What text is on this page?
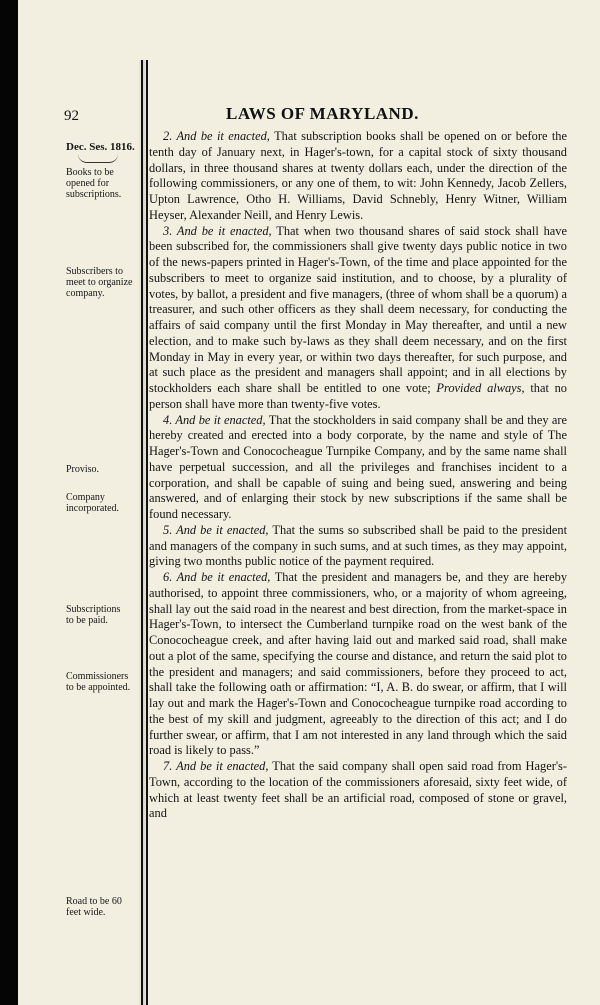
92	LAWS OF MARYLAND.
Dec. Ses. 1816.
Books to be opened for subscriptions.
Subscribers to meet to organize company.
Proviso.
Company incorporated.
Subscriptions to be paid.
Commissioners to be appointed.
Road to be 60 feet wide.

2. And be it enacted, That subscription books shall be opened on or before the tenth day of January next, in Hager's-town, for a capital stock of sixty thousand dollars, in three thousand shares at twenty dollars each, under the direction of the following commissioners, or any one of them, to wit: John Kennedy, Jacob Zellers, Upton Lawrence, Otho H. Williams, David Schnebly, Henry Witner, William Heyser, Alexander Neill, and Henry Lewis.

3. And be it enacted, That when two thousand shares of said stock shall have been subscribed for, the commissioners shall give twenty days public notice in two of the news-papers printed in Hager's-Town, of the time and place appointed for the subscribers to meet to organize said institution, and to choose, by a plurality of votes, by ballot, a president and five managers, (three of whom shall be a quorum) a treasurer, and such other officers as they shall deem necessary, for conducting the affairs of said company until the first Monday in May thereafter, and until a new election, and to make such by-laws as they shall deem necessary, and on the first Monday in May in every year, or within two days thereafter, for such purpose, and at such place as the president and managers shall appoint; and in all elections by stockholders each share shall be entitled to one vote; Provided always, that no person shall have more than twenty-five votes.

4. And be it enacted, That the stockholders in said company shall be and they are hereby created and erected into a body corporate, by the name and style of The Hager's-Town and Conococheague Turnpike Company, and by the same name shall have perpetual succession, and all the privileges and franchises incident to a corporation, and shall be capable of suing and being sued, answering and being answered, and of enlarging their stock by new subscriptions if the same shall be found necessary.

5. And be it enacted, That the sums so subscribed shall be paid to the president and managers of the company in such sums, and at such times, as they may appoint, giving two months public notice of the payment required.

6. And be it enacted, That the president and managers be, and they are hereby authorised, to appoint three commissioners, who, or a majority of whom agreeing, shall lay out the said road in the nearest and best direction, from the market-space in Hager's-Town, to intersect the Cumberland turnpike road on the west bank of the Conococheague creek, and after having laid out and marked said road, shall make out a plot of the same, specifying the course and distance, and return the said plot to the president and managers; and said commissioners, before they proceed to act, shall take the following oath or affirmation: “I, A. B. do swear, or affirm, that I will lay out and mark the Hager's-Town and Conococheague turnpike road according to the best of my skill and judgment, agreeably to the direction of this act; and I do further swear, or affirm, that I am not interested in any land through which the said road is likely to pass.”

7. And be it enacted, That the said company shall open said road from Hager's-Town, according to the location of the commissioners aforesaid, sixty feet wide, of which at least twenty feet shall be an artificial road, composed of stone or gravel, and
